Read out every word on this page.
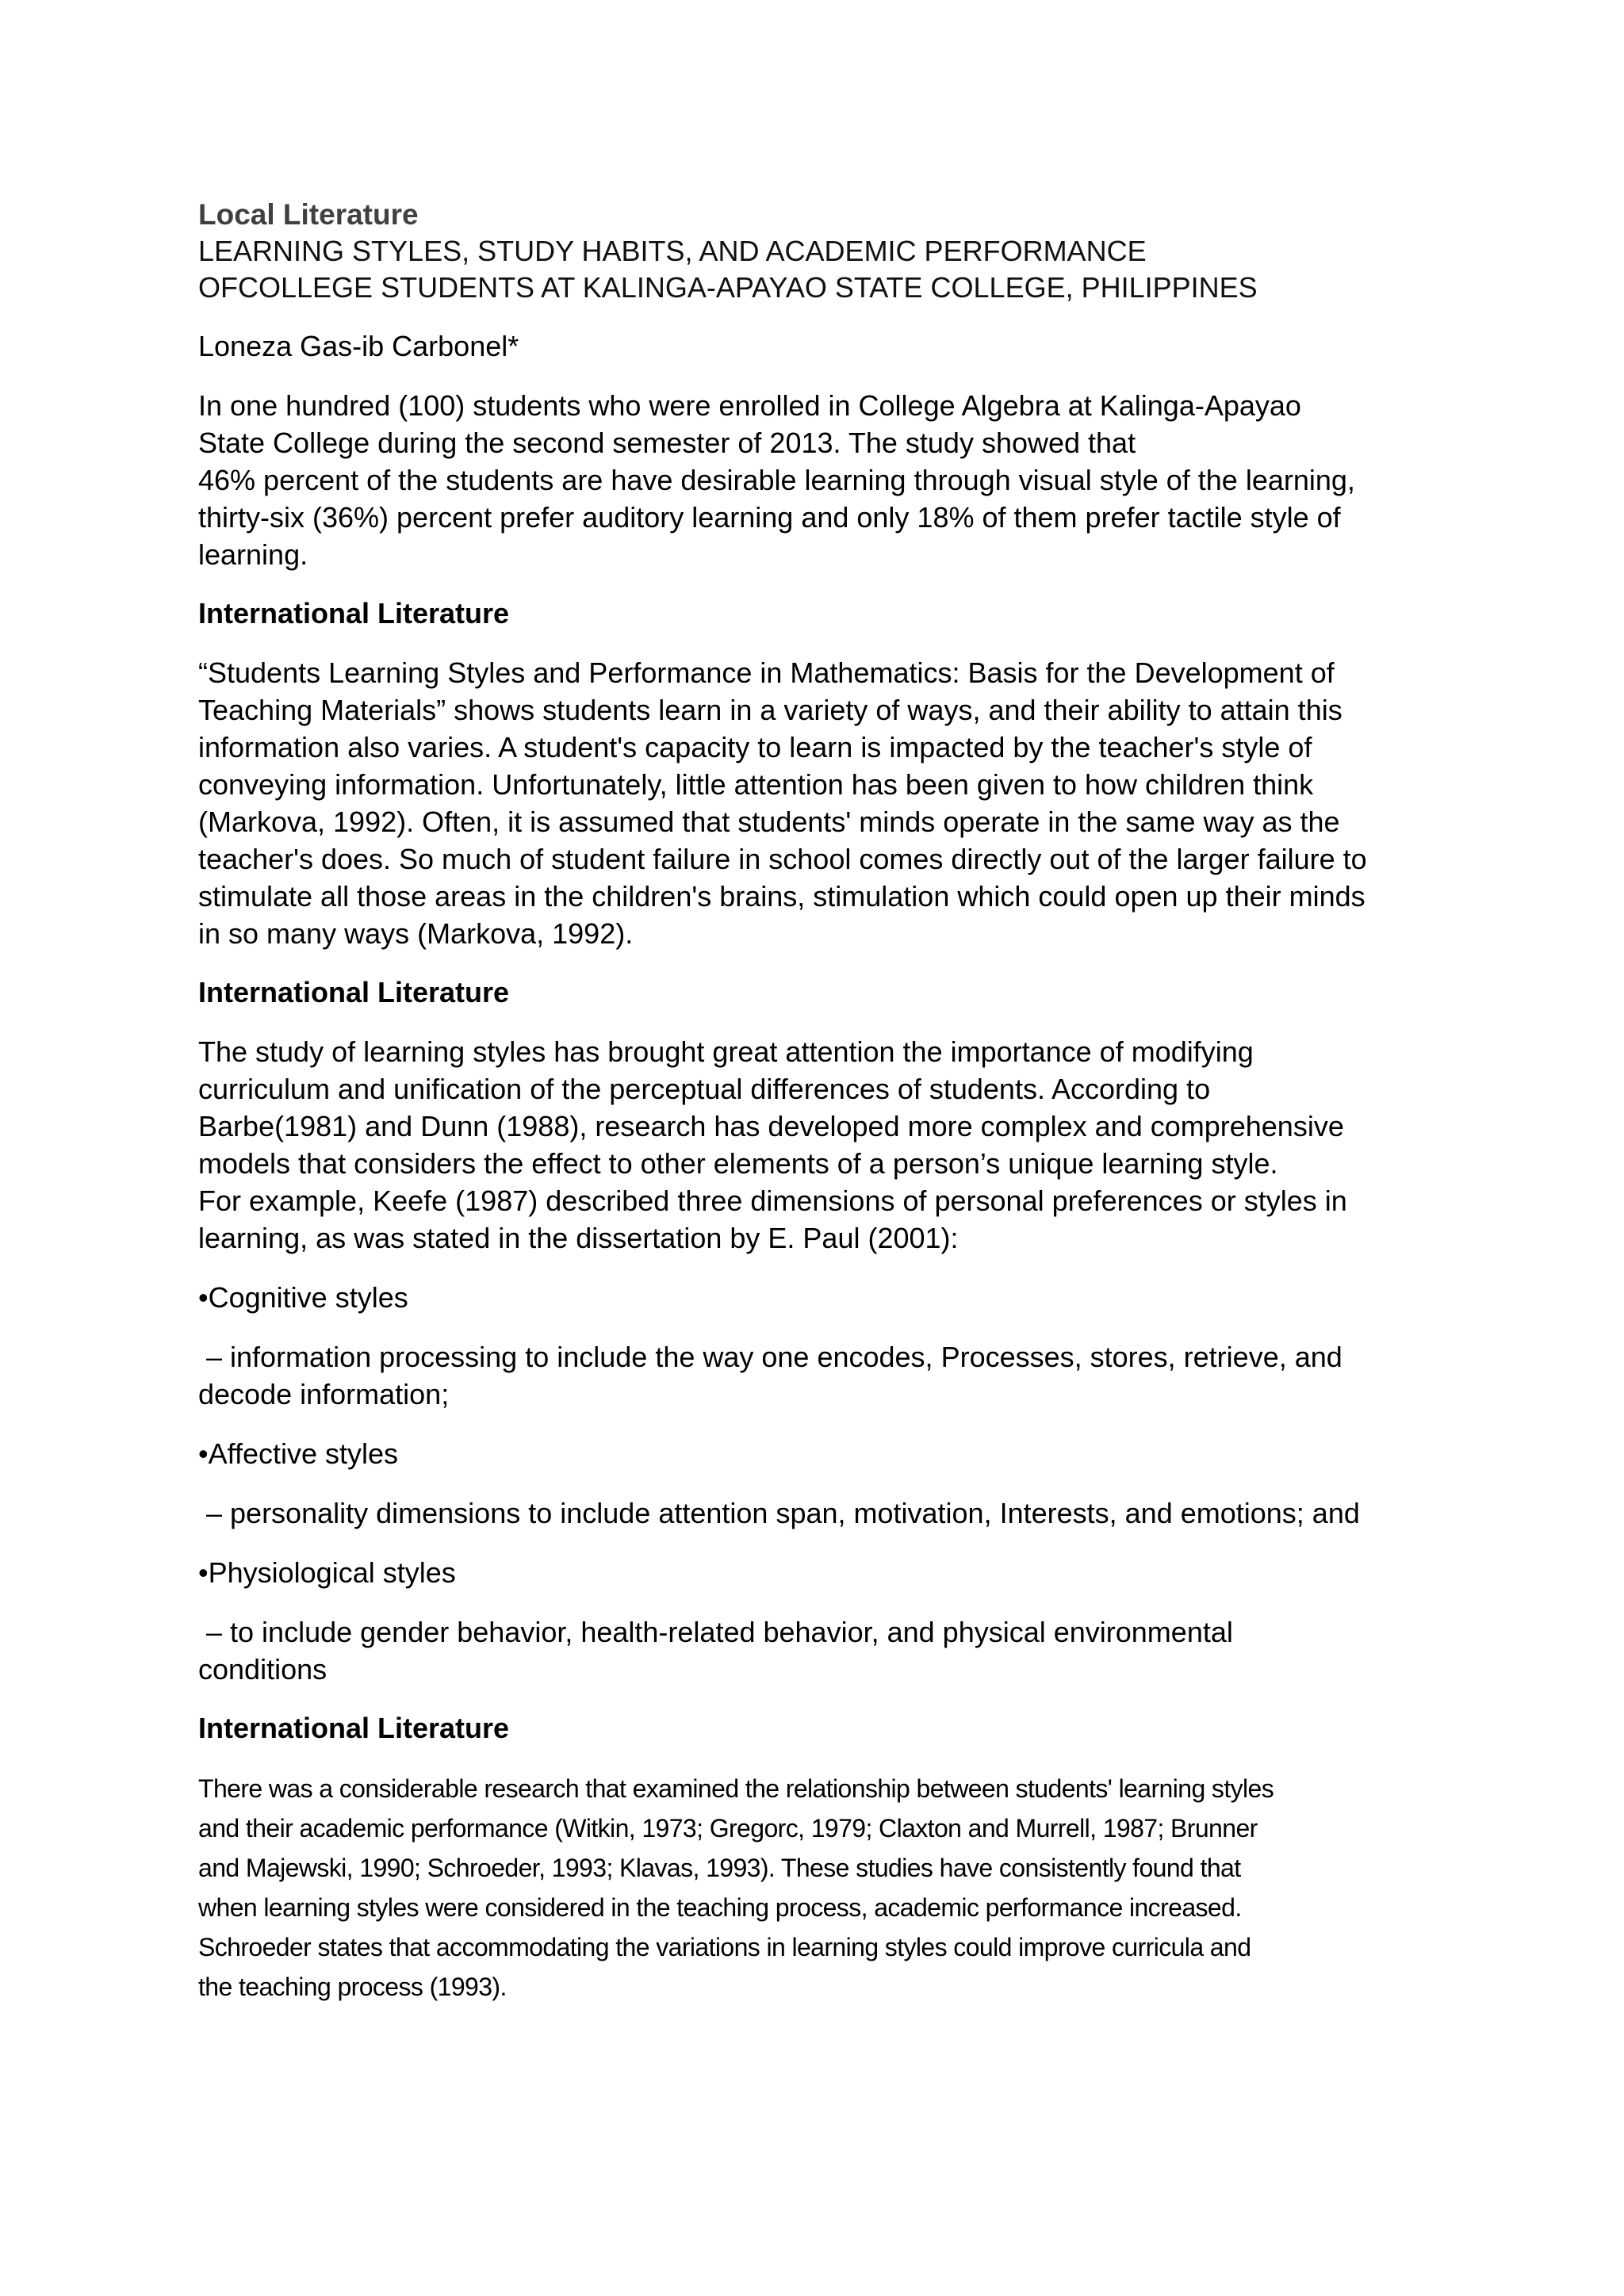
Local Literature

LEARNING STYLES, STUDY HABITS, AND ACADEMIC PERFORMANCE

OFCOLLEGE STUDENTS AT KALINGA-APAYAO STATE COLLEGE, PHILIPPINES

Loneza Gas-ib Carbonel*

In one hundred (100) students who were enrolled in College Algebra at Kalinga-Apayao
State College during the second semester of 2013. The study showed that
46% percent of the students are have desirable learning through visual style of the learning,
thirty-six (36%) percent prefer auditory learning and only 18% of them prefer tactile style of
learning.

International Literature

“Students Learning Styles and Performance in Mathematics: Basis for the Development of
Teaching Materials” shows students learn in a variety of ways, and their ability to attain this
information also varies. A student's capacity to learn is impacted by the teacher's style of
conveying information. Unfortunately, little attention has been given to how children think
(Markova, 1992). Often, it is assumed that students' minds operate in the same way as the
teacher's does. So much of student failure in school comes directly out of the larger failure to
stimulate all those areas in the children's brains, stimulation which could open up their minds
in so many ways (Markova, 1992).

International Literature

The study of learning styles has brought great attention the importance of modifying
curriculum and unification of the perceptual differences of students. According to
Barbe(1981) and Dunn (1988), research has developed more complex and comprehensive
models that considers the effect to other elements of a person’s unique learning style.
For example, Keefe (1987) described three dimensions of personal preferences or styles in
learning, as was stated in the dissertation by E. Paul (2001):

•Cognitive styles

– information processing to include the way one encodes, Processes, stores, retrieve, and
decode information;

•Affective styles

– personality dimensions to include attention span, motivation, Interests, and emotions; and

•Physiological styles

– to include gender behavior, health-related behavior, and physical environmental
conditions

International Literature

There was a considerable research that examined the relationship between students' learning styles
and their academic performance (Witkin, 1973; Gregorc, 1979; Claxton and Murrell, 1987; Brunner
and Majewski, 1990; Schroeder, 1993; Klavas, 1993). These studies have consistently found that
when learning styles were considered in the teaching process, academic performance increased.
Schroeder states that accommodating the variations in learning styles could improve curricula and
the teaching process (1993).
